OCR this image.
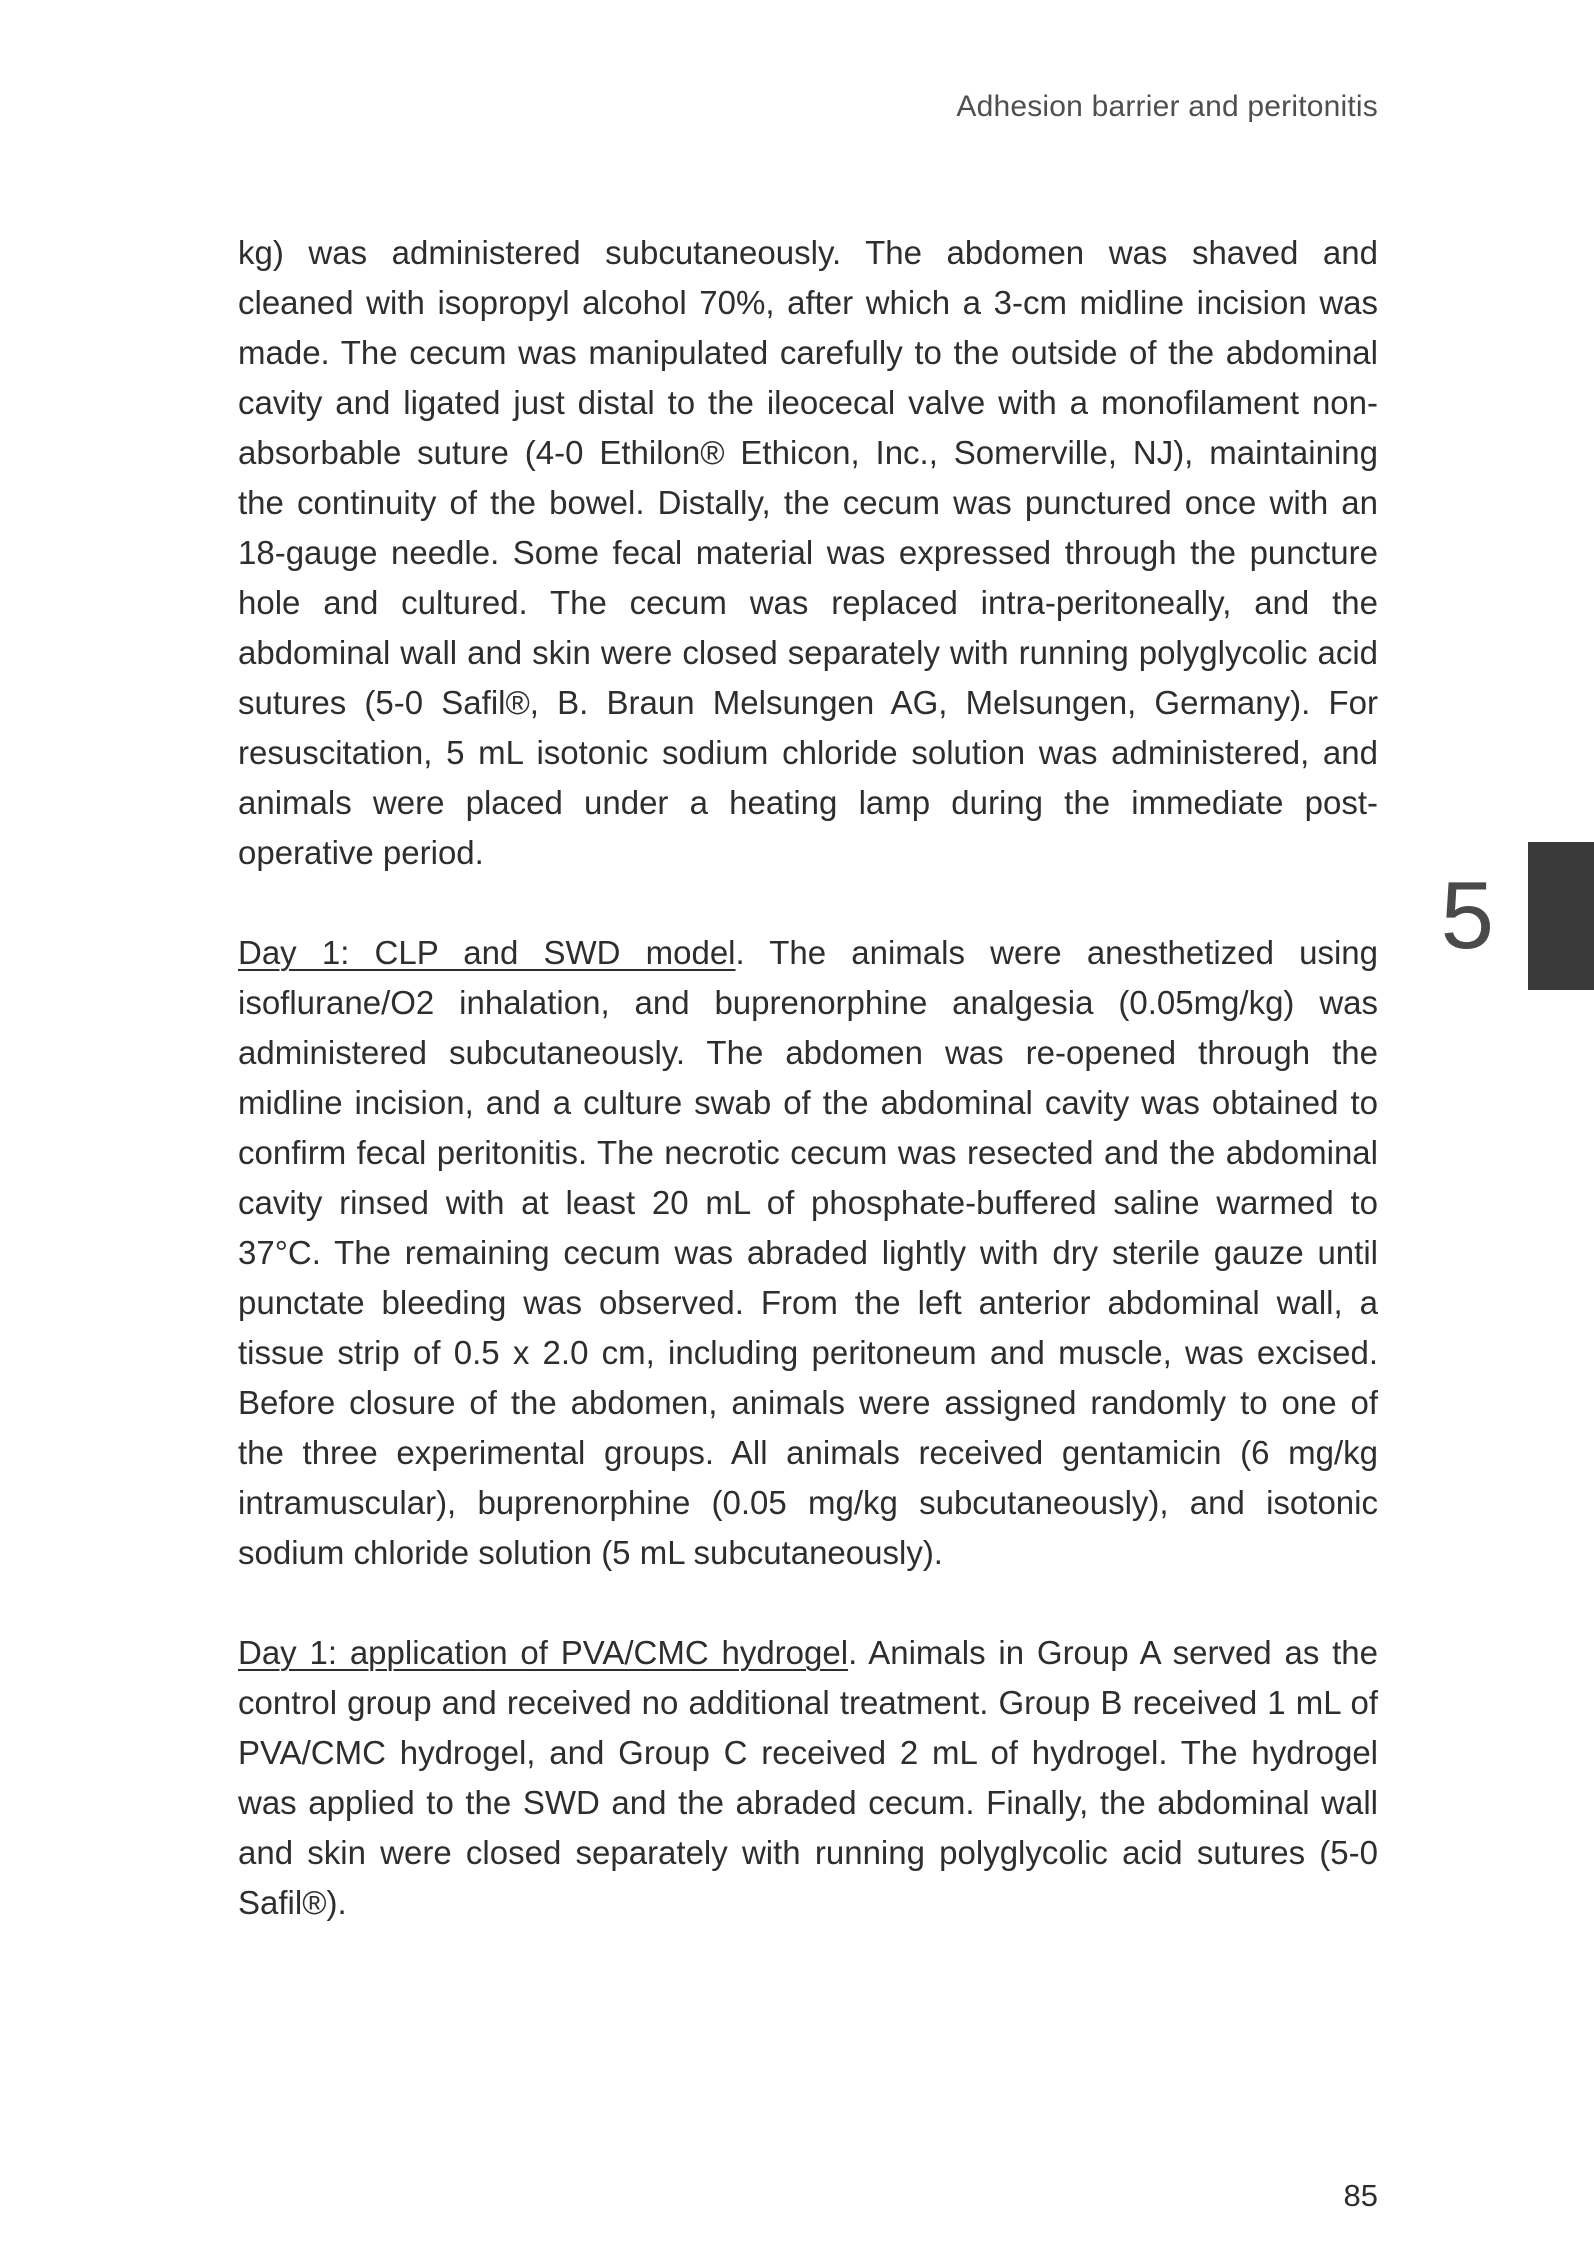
Adhesion barrier and peritonitis

kg) was administered subcutaneously. The abdomen was shaved and cleaned with isopropyl alcohol 70%, after which a 3-cm midline incision was made. The cecum was manipulated carefully to the outside of the abdominal cavity and ligated just distal to the ileocecal valve with a monofilament non-absorbable suture (4-0 Ethilon® Ethicon, Inc., Somerville, NJ), maintaining the continuity of the bowel. Distally, the cecum was punctured once with an 18-gauge needle. Some fecal material was expressed through the puncture hole and cultured. The cecum was replaced intra-peritoneally, and the abdominal wall and skin were closed separately with running polyglycolic acid sutures (5-0 Safil®, B. Braun Melsungen AG, Melsungen, Germany). For resuscitation, 5 mL isotonic sodium chloride solution was administered, and animals were placed under a heating lamp during the immediate post-operative period.

Day 1: CLP and SWD model. The animals were anesthetized using isoflurane/O2 inhalation, and buprenorphine analgesia (0.05mg/kg) was administered subcutaneously. The abdomen was re-opened through the midline incision, and a culture swab of the abdominal cavity was obtained to confirm fecal peritonitis. The necrotic cecum was resected and the abdominal cavity rinsed with at least 20 mL of phosphate-buffered saline warmed to 37°C. The remaining cecum was abraded lightly with dry sterile gauze until punctate bleeding was observed. From the left anterior abdominal wall, a tissue strip of 0.5 x 2.0 cm, including peritoneum and muscle, was excised. Before closure of the abdomen, animals were assigned randomly to one of the three experimental groups. All animals received gentamicin (6 mg/kg intramuscular), buprenorphine (0.05 mg/kg subcutaneously), and isotonic sodium chloride solution (5 mL subcutaneously).

Day 1: application of PVA/CMC hydrogel. Animals in Group A served as the control group and received no additional treatment. Group B received 1 mL of PVA/CMC hydrogel, and Group C received 2 mL of hydrogel. The hydrogel was applied to the SWD and the abraded cecum. Finally, the abdominal wall and skin were closed separately with running polyglycolic acid sutures (5-0 Safil®).

5
85
